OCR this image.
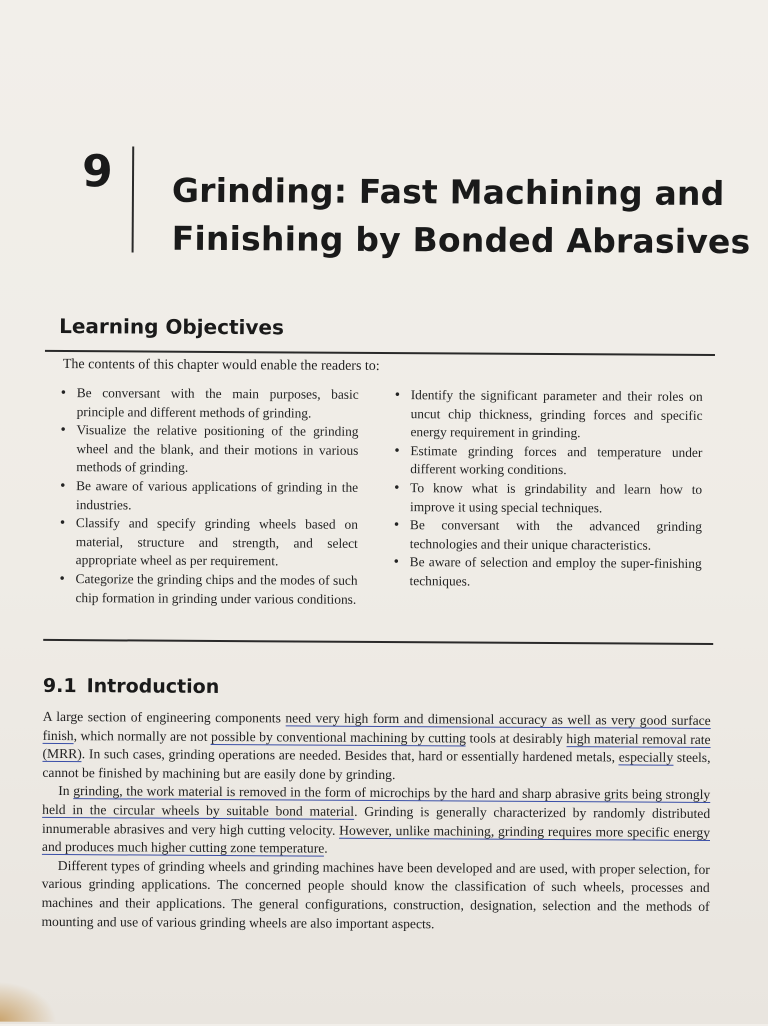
9 Grinding: Fast Machining and
Finishing by Bonded Abrasives
Learning Objectives
The contents of this chapter would enable the readers to:
• Be conversant with the main purposes, basic principle and different methods of grinding.
• Visualize the relative positioning of the grinding wheel and the blank, and their motions in various methods of grinding.
• Be aware of various applications of grinding in the industries.
• Classify and specify grinding wheels based on material, structure and strength, and select appropriate wheel as per requirement.
• Categorize the grinding chips and the modes of such chip formation in grinding under various conditions.
• Identify the significant parameter and their roles on uncut chip thickness, grinding forces and specific energy requirement in grinding.
• Estimate grinding forces and temperature under different working conditions.
• To know what is grindability and learn how to improve it using special techniques.
• Be conversant with the advanced grinding technologies and their unique characteristics.
• Be aware of selection and employ the super-finishing techniques.
9.1 Introduction

A large section of engineering components need very high form and dimensional accuracy as well as very good surface finish, which normally are not possible by conventional machining by cutting tools at desirably high material removal rate (MRR). In such cases, grinding operations are needed. Besides that, hard or essentially hardened metals, especially steels, cannot be finished by machining but are easily done by grinding.

In grinding, the work material is removed in the form of microchips by the hard and sharp abrasive grits being strongly held in the circular wheels by suitable bond material. Grinding is generally characterized by randomly distributed innumerable abrasives and very high cutting velocity. However, unlike machining, grinding requires more specific energy and produces much higher cutting zone temperature.

Different types of grinding wheels and grinding machines have been developed and are used, with proper selection, for various grinding applications. The concerned people should know the classification of such wheels, processes and machines and their applications. The general configurations, construction, designation, selection and the methods of mounting and use of various grinding wheels are also important aspects.
